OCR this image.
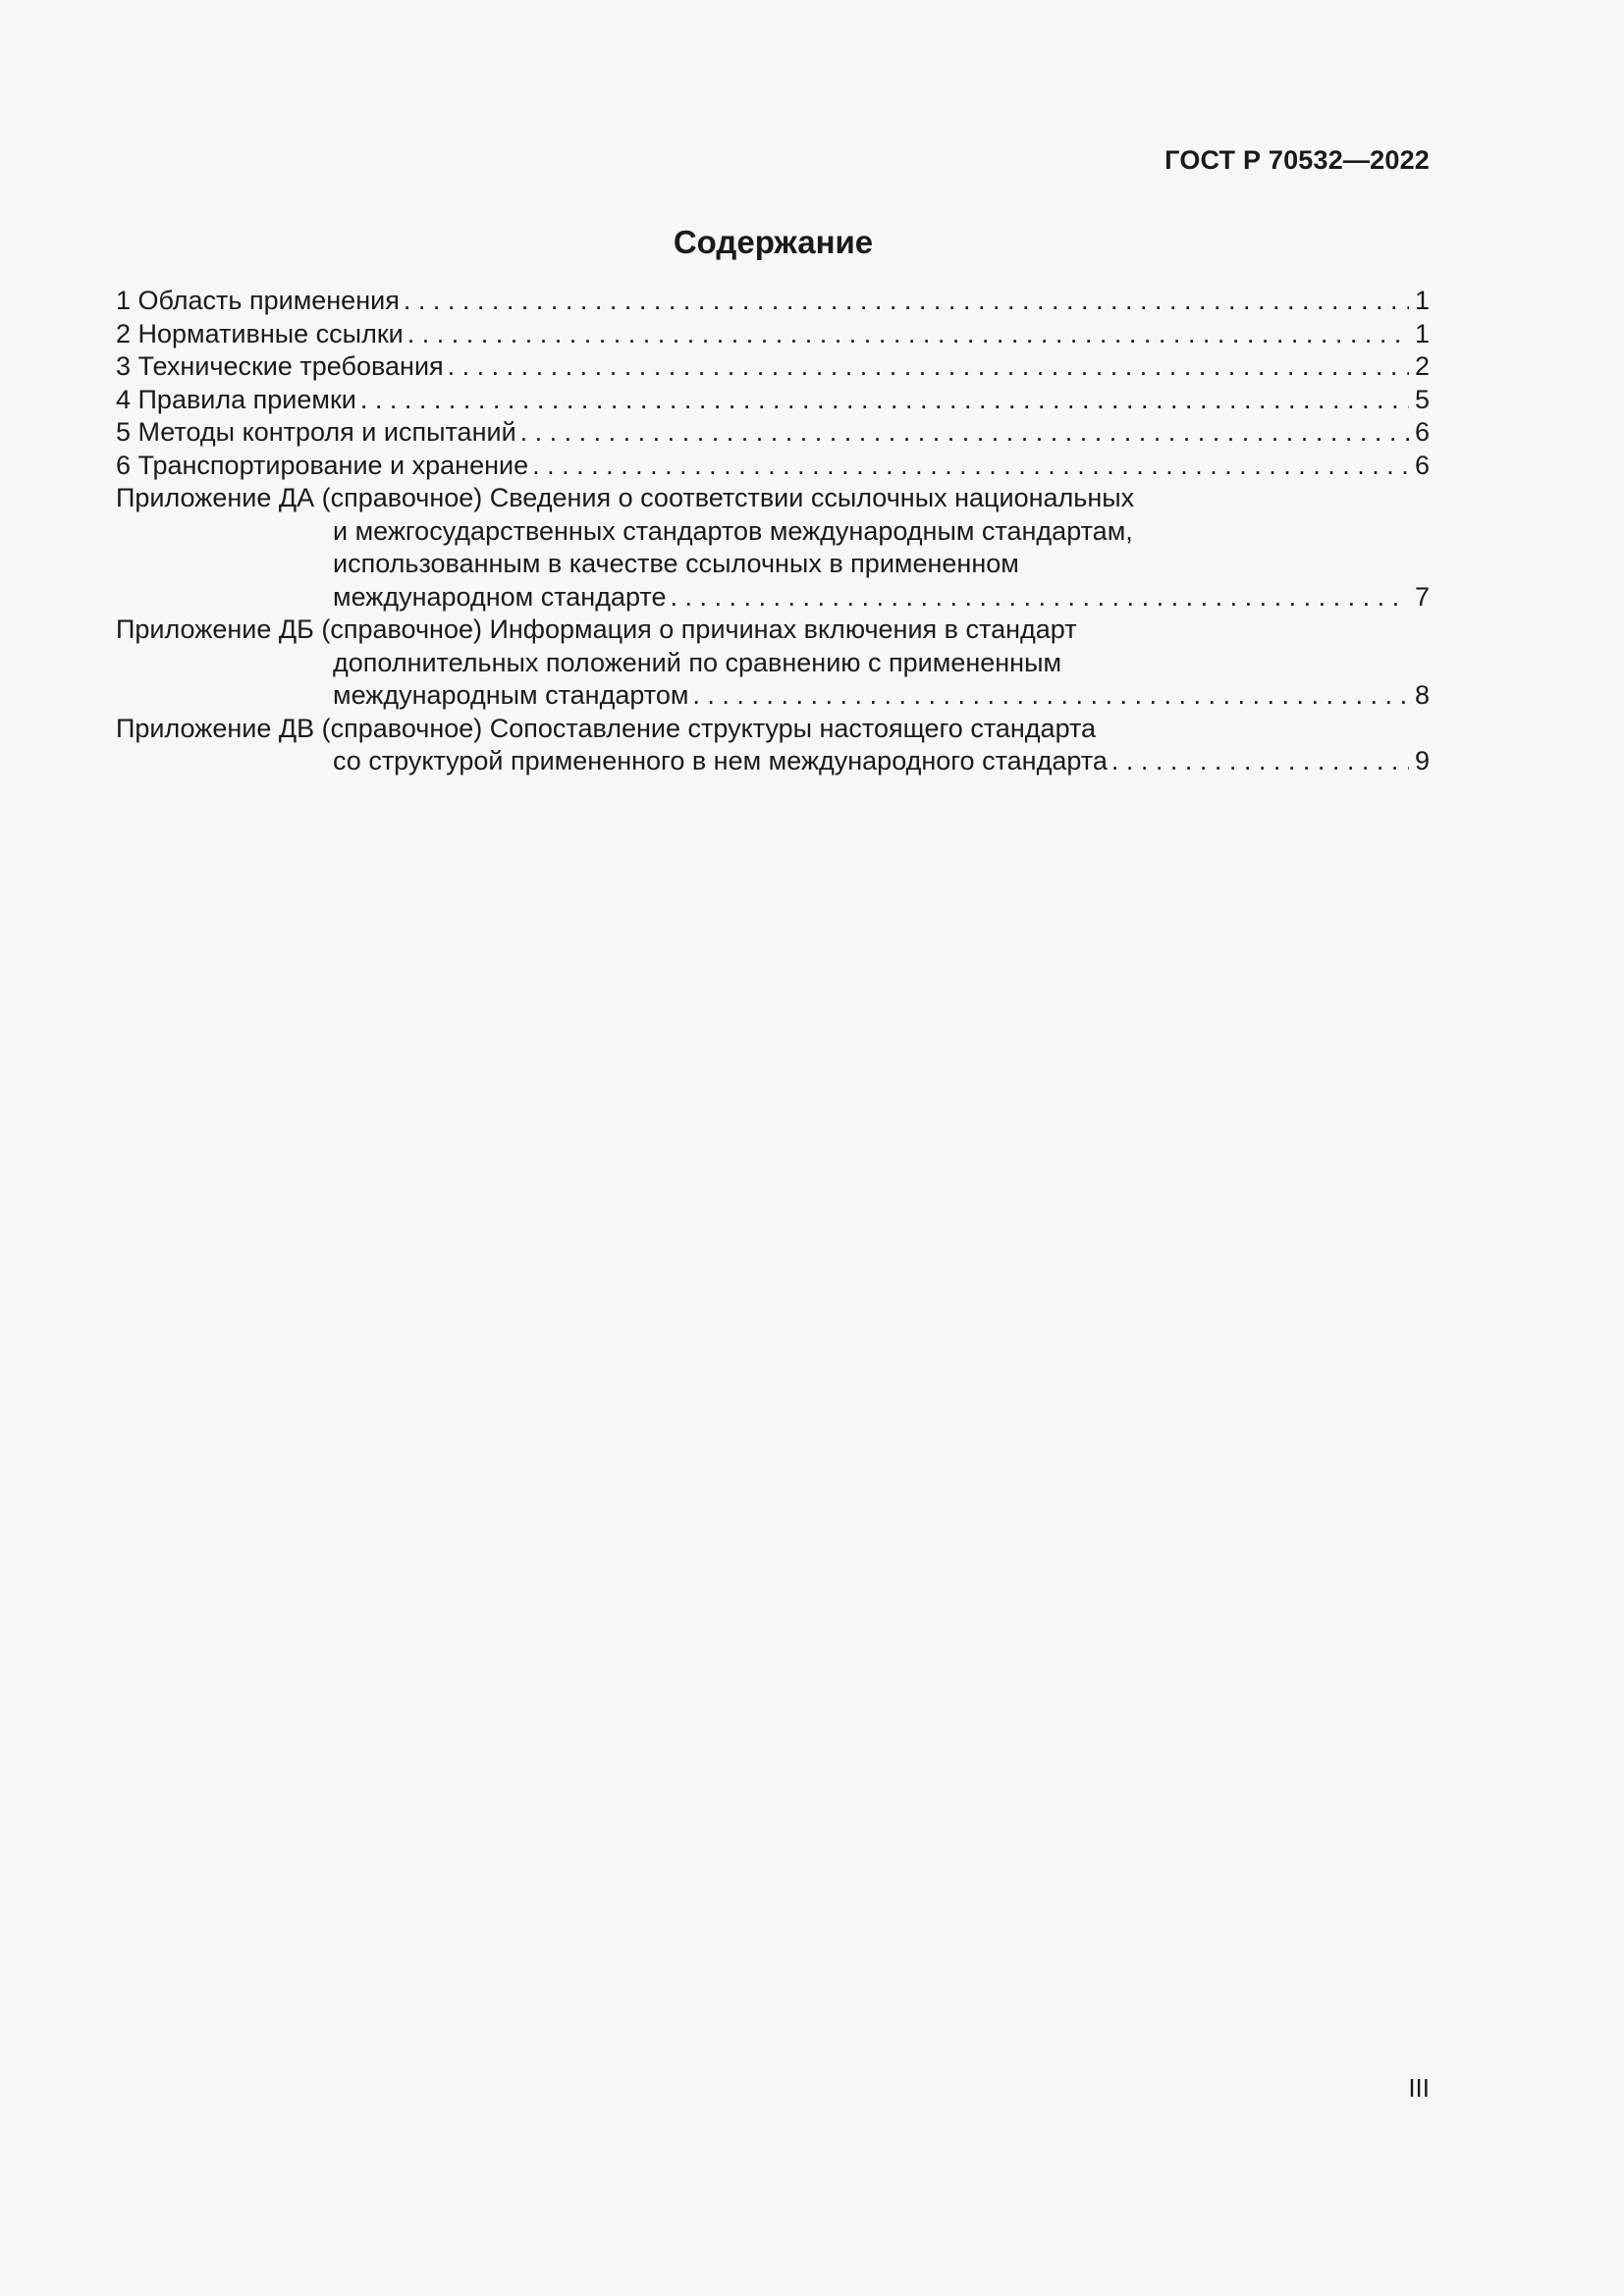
ГОСТ Р 70532—2022
Содержание
1 Область применения . . .	1
2 Нормативные ссылки . . .	1
3 Технические требования . . .	2
4 Правила приемки . . .	5
5 Методы контроля и испытаний . . .	6
6 Транспортирование и хранение . . .	6
Приложение ДА (справочное) Сведения о соответствии ссылочных национальных
и межгосударственных стандартов международным стандартам,
использованным в качестве ссылочных в примененном
международном стандарте . . .	7
Приложение ДБ (справочное) Информация о причинах включения в стандарт
дополнительных положений по сравнению с примененным
международным стандартом . . .	8
Приложение ДВ (справочное) Сопоставление структуры настоящего стандарта
со структурой примененного в нем международного стандарта . . .	9
III
